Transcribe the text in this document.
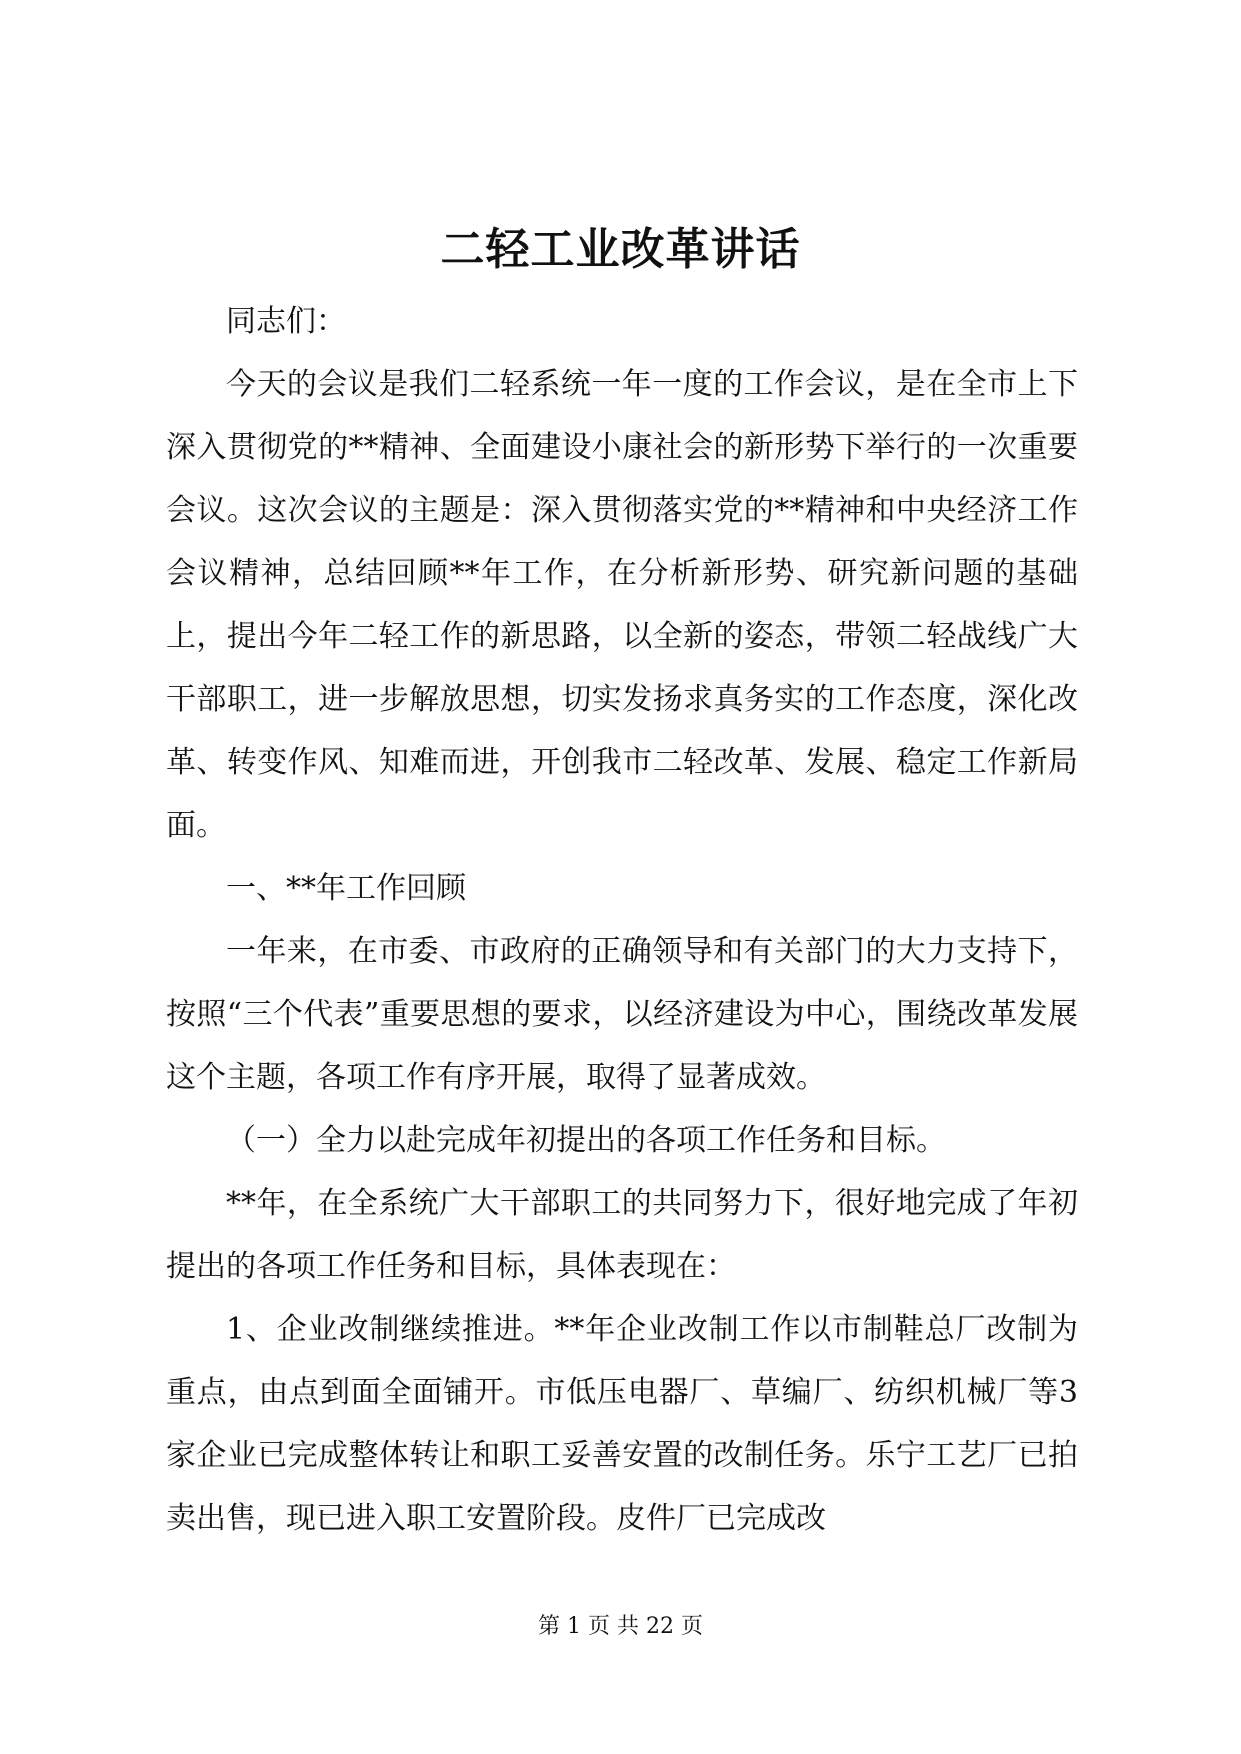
二轻工业改革讲话

同志们：

今天的会议是我们二轻系统一年一度的工作会议，是在全市上下深入贯彻党的**精神、全面建设小康社会的新形势下举行的一次重要会议。这次会议的主题是：深入贯彻落实党的**精神和中央经济工作会议精神，总结回顾**年工作，在分析新形势、研究新问题的基础上，提出今年二轻工作的新思路，以全新的姿态，带领二轻战线广大干部职工，进一步解放思想，切实发扬求真务实的工作态度，深化改革、转变作风、知难而进，开创我市二轻改革、发展、稳定工作新局面。

一、**年工作回顾

一年来，在市委、市政府的正确领导和有关部门的大力支持下，按照“三个代表”重要思想的要求，以经济建设为中心，围绕改革发展这个主题，各项工作有序开展，取得了显著成效。

（一）全力以赴完成年初提出的各项工作任务和目标。

**年，在全系统广大干部职工的共同努力下，很好地完成了年初提出的各项工作任务和目标，具体表现在：

1、企业改制继续推进。**年企业改制工作以市制鞋总厂改制为重点，由点到面全面铺开。市低压电器厂、草编厂、纺织机械厂等3家企业已完成整体转让和职工妥善安置的改制任务。乐宁工艺厂已拍卖出售，现已进入职工安置阶段。皮件厂已完成改

第 1 页 共 22 页
